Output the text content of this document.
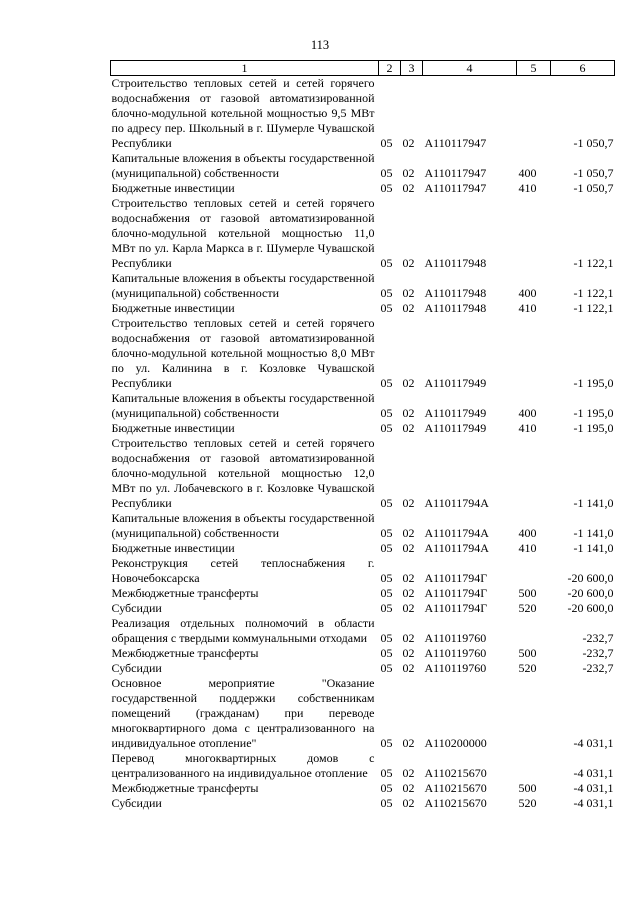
113
1	2	3	4	5	6
Строительство тепловых сетей и сетей горячего водоснабжения от газовой автоматизированной блочно-модульной котельной мощностью 9,5 МВт по адресу пер. Школьный в г. Шумерле Чувашской Республики	05	02	A110117947		-1 050,7
Капитальные вложения в объекты государственной (муниципальной) собственности	05	02	A110117947	400	-1 050,7
Бюджетные инвестиции	05	02	A110117947	410	-1 050,7
Строительство тепловых сетей и сетей горячего водоснабжения от газовой автоматизированной блочно-модульной котельной мощностью 11,0 МВт по ул. Карла Маркса в г. Шумерле Чувашской Республики	05	02	A110117948		-1 122,1
Капитальные вложения в объекты государственной (муниципальной) собственности	05	02	A110117948	400	-1 122,1
Бюджетные инвестиции	05	02	A110117948	410	-1 122,1
Строительство тепловых сетей и сетей горячего водоснабжения от газовой автоматизированной блочно-модульной котельной мощностью 8,0 МВт по ул. Калинина в г. Козловке Чувашской Республики	05	02	A110117949		-1 195,0
Капитальные вложения в объекты государственной (муниципальной) собственности	05	02	A110117949	400	-1 195,0
Бюджетные инвестиции	05	02	A110117949	410	-1 195,0
Строительство тепловых сетей и сетей горячего водоснабжения от газовой автоматизированной блочно-модульной котельной мощностью 12,0 МВт по ул. Лобачевского в г. Козловке Чувашской Республики	05	02	A11011794A		-1 141,0
Капитальные вложения в объекты государственной (муниципальной) собственности	05	02	A11011794A	400	-1 141,0
Бюджетные инвестиции	05	02	A11011794A	410	-1 141,0
Реконструкция сетей теплоснабжения г. Новочебоксарска	05	02	A11011794Г		-20 600,0
Межбюджетные трансферты	05	02	A11011794Г	500	-20 600,0
Субсидии	05	02	A11011794Г	520	-20 600,0
Реализация отдельных полномочий в области обращения с твердыми коммунальными отходами	05	02	A110119760		-232,7
Межбюджетные трансферты	05	02	A110119760	500	-232,7
Субсидии	05	02	A110119760	520	-232,7
Основное мероприятие "Оказание государственной поддержки собственникам помещений (гражданам) при переводе многоквартирного дома с централизованного на индивидуальное отопление"	05	02	A110200000		-4 031,1
Перевод многоквартирных домов с централизованного на индивидуальное отопление	05	02	A110215670		-4 031,1
Межбюджетные трансферты	05	02	A110215670	500	-4 031,1
Субсидии	05	02	A110215670	520	-4 031,1
